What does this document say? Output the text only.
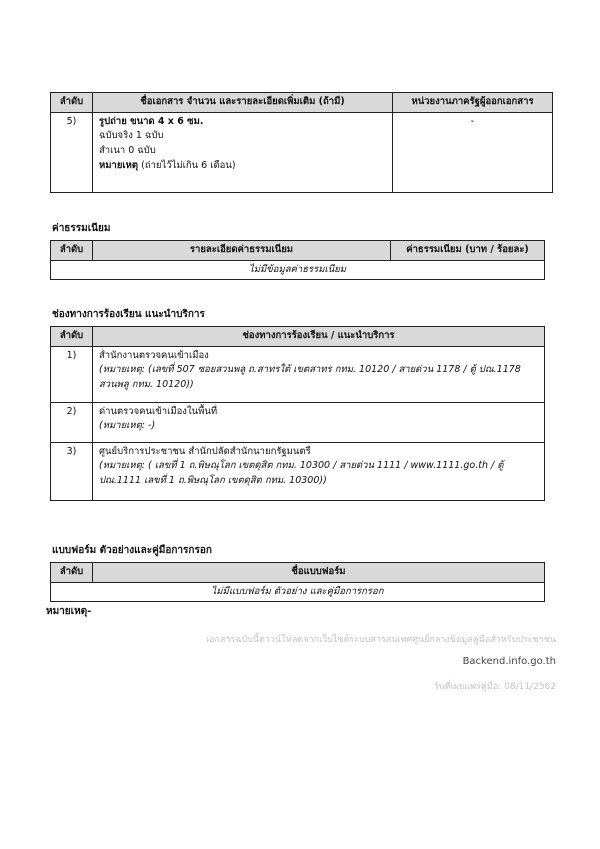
ลำดับ	ชื่อเอกสาร จำนวน และรายละเอียดเพิ่มเติม (ถ้ามี)	หน่วยงานภาครัฐผู้ออกเอกสาร
5)	รูปถ่าย ขนาด 4 x 6 ซม.
ฉบับจริง 1 ฉบับ
สำเนา 0 ฉบับ
หมายเหตุ (ถ่ายไว้ไม่เกิน 6 เดือน)	-
ค่าธรรมเนียม
ลำดับ	รายละเอียดค่าธรรมเนียม	ค่าธรรมเนียม (บาท / ร้อยละ)
ไม่มีข้อมูลค่าธรรมเนียม
ช่องทางการร้องเรียน แนะนำบริการ
ลำดับ	ช่องทางการร้องเรียน / แนะนำบริการ
1)	สำนักงานตรวจคนเข้าเมือง
(หมายเหตุ: (เลขที่ 507 ซอยสวนพลู ถ.สาทรใต้ เขตสาทร กทม. 10120 / สายด่วน 1178 / ตู้ ปณ.1178
สวนพลู กทม. 10120))

2)	ด่านตรวจคนเข้าเมืองในพื้นที่
(หมายเหตุ: -)

3)	ศูนย์บริการประชาชน สำนักปลัดสำนักนายกรัฐมนตรี
(หมายเหตุ: ( เลขที่ 1 ถ.พิษณุโลก เขตดุสิต กทม. 10300 / สายด่วน 1111 / www.1111.go.th / ตู้
ปณ.1111 เลขที่ 1 ถ.พิษณุโลก เขตดุสิต กทม. 10300))
แบบฟอร์ม ตัวอย่างและคู่มือการกรอก
ลำดับ	ชื่อแบบฟอร์ม
ไม่มีแบบฟอร์ม ตัวอย่าง และคู่มือการกรอก
หมายเหตุ-
เอกสารฉบับนี้ดาวน์โหลดจากเว็บไซต์ระบบสารสนเทศศูนย์กลางข้อมูลคู่มือสำหรับประชาชน
Backend.info.go.th
วันที่เผยแพร่คู่มือ: 08/11/2562
